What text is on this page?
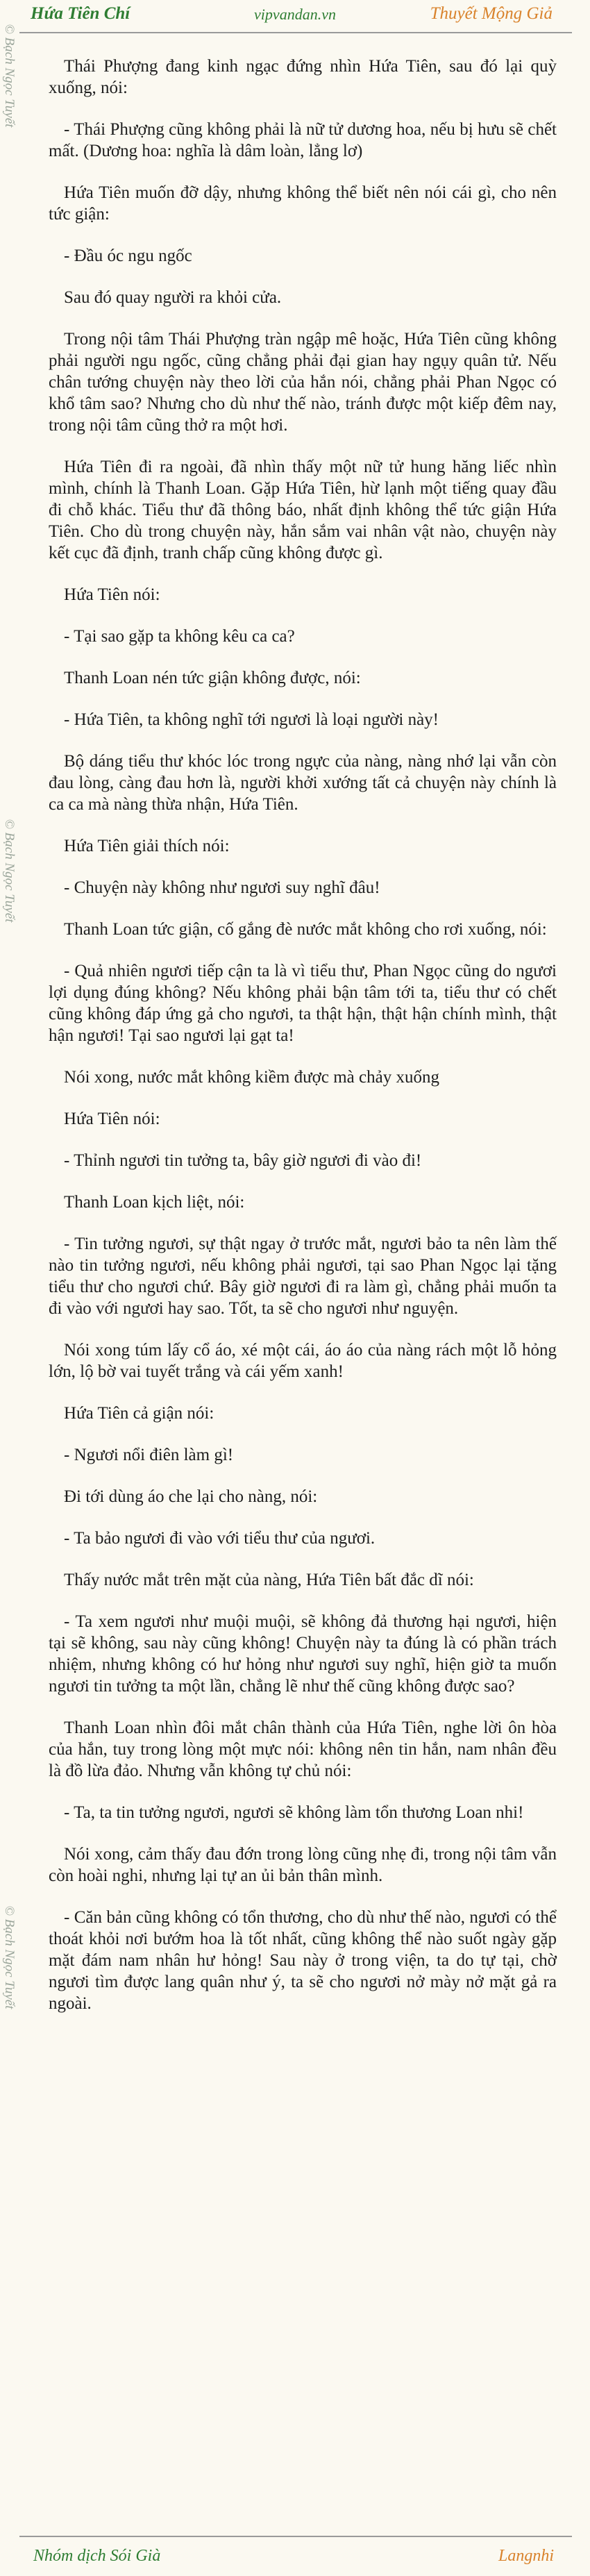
Hứa Tiên Chí	vipvandan.vn	Thuyết Mộng Giả
© Bạch Ngọc Tuyết
© Bạch Ngọc Tuyết
© Bạch Ngọc Tuyết

Thái Phượng đang kinh ngạc đứng nhìn Hứa Tiên, sau đó lại quỳ xuống, nói:

- Thái Phượng cũng không phải là nữ tử dương hoa, nếu bị hưu sẽ chết mất. (Dương hoa: nghĩa là dâm loàn, lẳng lơ)

Hứa Tiên muốn đỡ dậy, nhưng không thể biết nên nói cái gì, cho nên tức giận:

- Đầu óc ngu ngốc

Sau đó quay người ra khỏi cửa.

Trong nội tâm Thái Phượng tràn ngập mê hoặc, Hứa Tiên cũng không phải người ngu ngốc, cũng chẳng phải đại gian hay ngụy quân tử. Nếu chân tướng chuyện này theo lời của hắn nói, chẳng phải Phan Ngọc có khổ tâm sao? Nhưng cho dù như thế nào, tránh được một kiếp đêm nay, trong nội tâm cũng thở ra một hơi.

Hứa Tiên đi ra ngoài, đã nhìn thấy một nữ tử hung hăng liếc nhìn mình, chính là Thanh Loan. Gặp Hứa Tiên, hừ lạnh một tiếng quay đầu đi chỗ khác. Tiểu thư đã thông báo, nhất định không thể tức giận Hứa Tiên. Cho dù trong chuyện này, hắn sắm vai nhân vật nào, chuyện này kết cục đã định, tranh chấp cũng không được gì.

Hứa Tiên nói:

- Tại sao gặp ta không kêu ca ca?

Thanh Loan nén tức giận không được, nói:

- Hứa Tiên, ta không nghĩ tới ngươi là loại người này!

Bộ dáng tiểu thư khóc lóc trong ngực của nàng, nàng nhớ lại vẫn còn đau lòng, càng đau hơn là, người khởi xướng tất cả chuyện này chính là ca ca mà nàng thừa nhận, Hứa Tiên.

Hứa Tiên giải thích nói:

- Chuyện này không như ngươi suy nghĩ đâu!

Thanh Loan tức giận, cố gắng đè nước mắt không cho rơi xuống, nói:

- Quả nhiên ngươi tiếp cận ta là vì tiểu thư, Phan Ngọc cũng do ngươi lợi dụng đúng không? Nếu không phải bận tâm tới ta, tiểu thư có chết cũng không đáp ứng gả cho ngươi, ta thật hận, thật hận chính mình, thật hận ngươi! Tại sao ngươi lại gạt ta!

Nói xong, nước mắt không kiềm được mà chảy xuống

Hứa Tiên nói:

- Thỉnh ngươi tin tưởng ta, bây giờ ngươi đi vào đi!

Thanh Loan kịch liệt, nói:

- Tin tưởng ngươi, sự thật ngay ở trước mắt, ngươi bảo ta nên làm thế nào tin tưởng ngươi, nếu không phải ngươi, tại sao Phan Ngọc lại tặng tiểu thư cho ngươi chứ. Bây giờ ngươi đi ra làm gì, chẳng phải muốn ta đi vào với ngươi hay sao. Tốt, ta sẽ cho ngươi như nguyện.

Nói xong túm lấy cổ áo, xé một cái, áo áo của nàng rách một lỗ hỏng lớn, lộ bờ vai tuyết trắng và cái yếm xanh!

Hứa Tiên cả giận nói:

- Ngươi nổi điên làm gì!

Đi tới dùng áo che lại cho nàng, nói:

- Ta bảo ngươi đi vào với tiểu thư của ngươi.

Thấy nước mắt trên mặt của nàng, Hứa Tiên bất đắc dĩ nói:

- Ta xem ngươi như muội muội, sẽ không đả thương hại ngươi, hiện tại sẽ không, sau này cũng không! Chuyện này ta đúng là có phần trách nhiệm, nhưng không có hư hỏng như ngươi suy nghĩ, hiện giờ ta muốn ngươi tin tưởng ta một lần, chẳng lẽ như thế cũng không được sao?

Thanh Loan nhìn đôi mắt chân thành của Hứa Tiên, nghe lời ôn hòa của hắn, tuy trong lòng một mực nói: không nên tin hắn, nam nhân đều là đồ lừa đảo. Nhưng vẫn không tự chủ nói:

- Ta, ta tin tưởng ngươi, ngươi sẽ không làm tổn thương Loan nhi!

Nói xong, cảm thấy đau đớn trong lòng cũng nhẹ đi, trong nội tâm vẫn còn hoài nghi, nhưng lại tự an ủi bản thân mình.

- Căn bản cũng không có tổn thương, cho dù như thế nào, ngươi có thể thoát khỏi nơi bướm hoa là tốt nhất, cũng không thể nào suốt ngày gặp mặt đám nam nhân hư hỏng! Sau này ở trong viện, ta do tự tại, chờ ngươi tìm được lang quân như ý, ta sẽ cho ngươi nở mày nở mặt gả ra ngoài.

Nhóm dịch Sói Già	Langnhi
